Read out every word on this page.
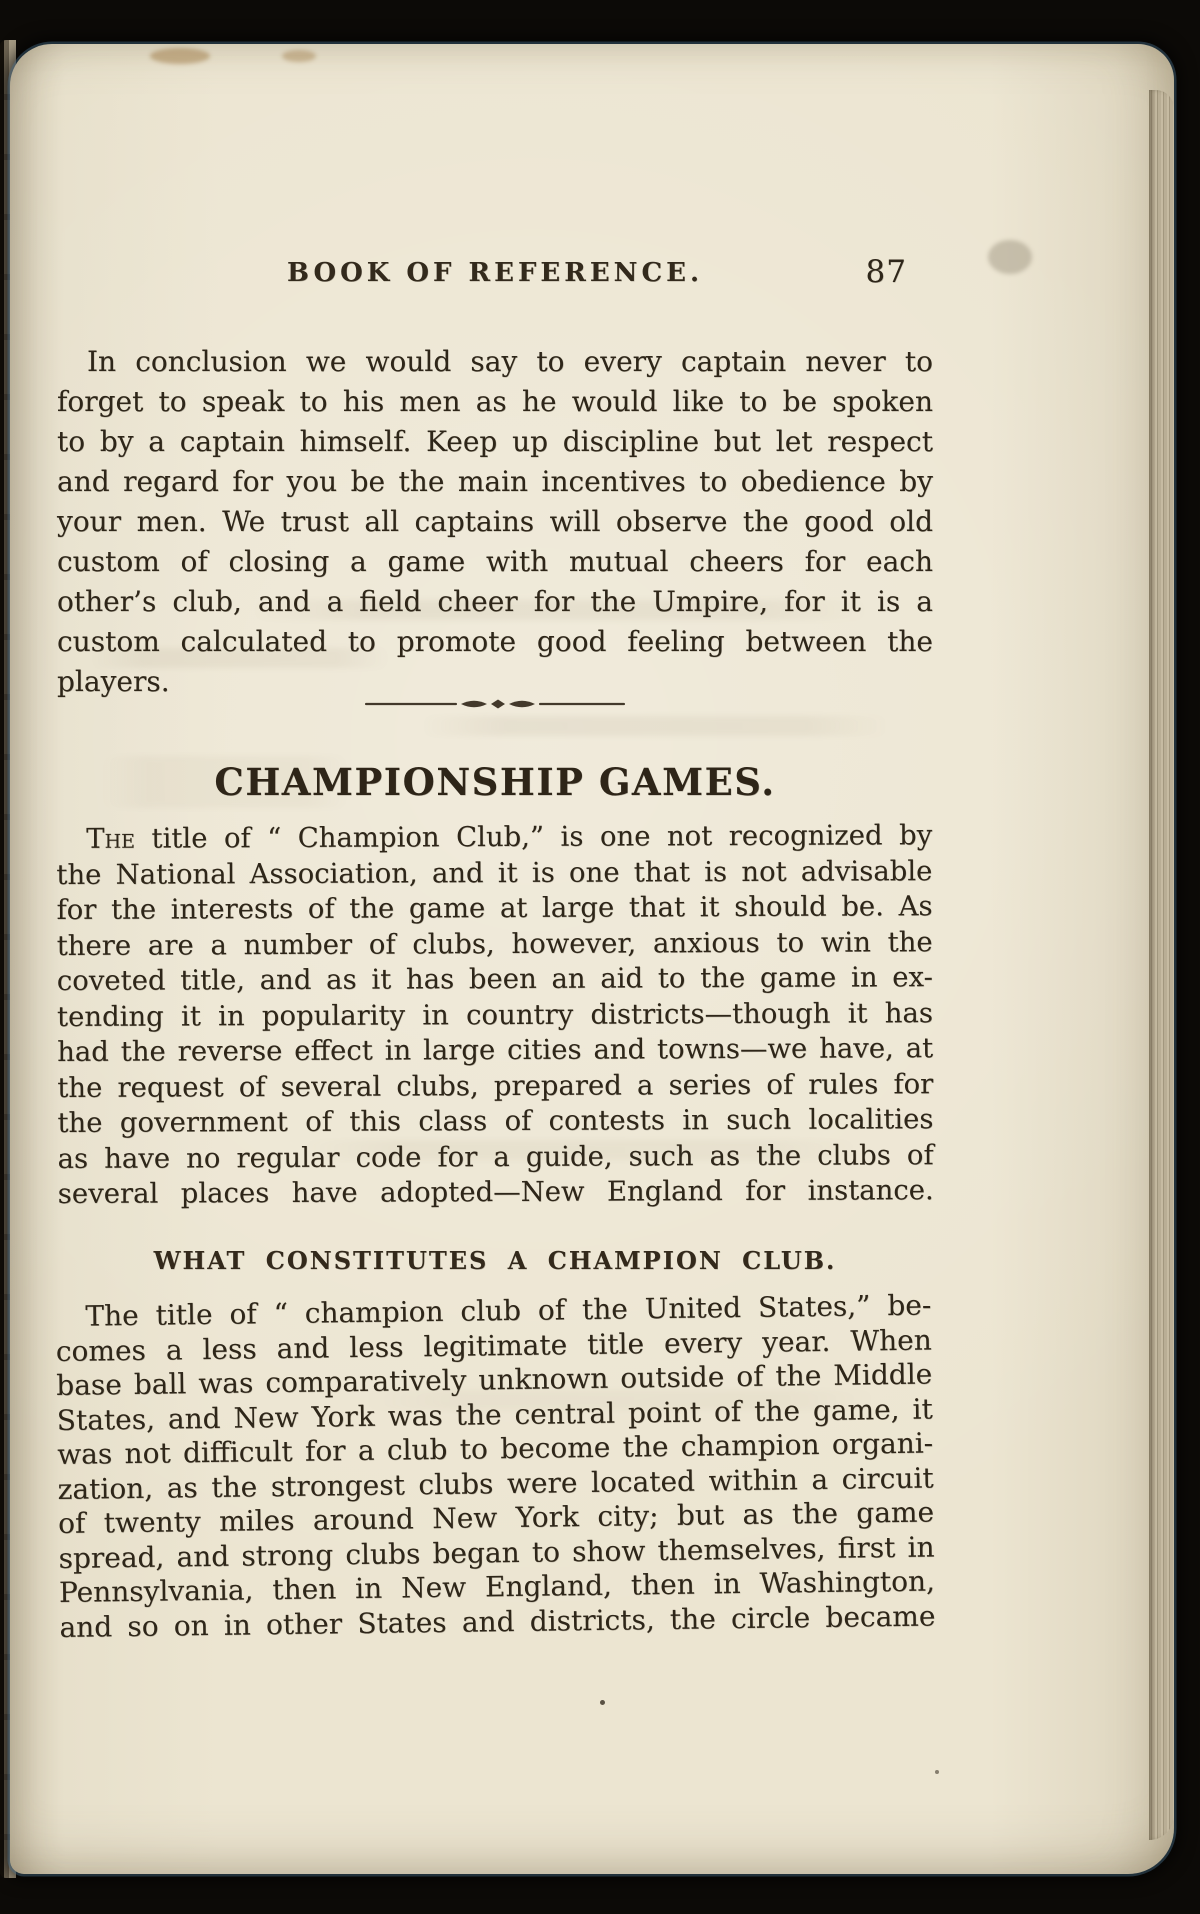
BOOK OF REFERENCE.	87
In conclusion we would say to every captain never to
forget to speak to his men as he would like to be spoken
to by a captain himself. Keep up discipline but let respect
and regard for you be the main incentives to obedience by
your men. We trust all captains will observe the good old
custom of closing a game with mutual cheers for each
other’s club, and a field cheer for the Umpire, for it is a
custom calculated to promote good feeling between the
players.
CHAMPIONSHIP GAMES.
The title of “ Champion Club,” is one not recognized by
the National Association, and it is one that is not advisable
for the interests of the game at large that it should be. As
there are a number of clubs, however, anxious to win the
coveted title, and as it has been an aid to the game in ex-
tending it in popularity in country districts—though it has
had the reverse effect in large cities and towns—we have, at
the request of several clubs, prepared a series of rules for
the government of this class of contests in such localities
as have no regular code for a guide, such as the clubs of
several places have adopted—New England for instance.
WHAT CONSTITUTES A CHAMPION CLUB.
The title of “ champion club of the United States,” be-
comes a less and less legitimate title every year. When
base ball was comparatively unknown outside of the Middle
States, and New York was the central point of the game, it
was not difficult for a club to become the champion organi-
zation, as the strongest clubs were located within a circuit
of twenty miles around New York city; but as the game
spread, and strong clubs began to show themselves, first in
Pennsylvania, then in New England, then in Washington,
and so on in other States and districts, the circle became
